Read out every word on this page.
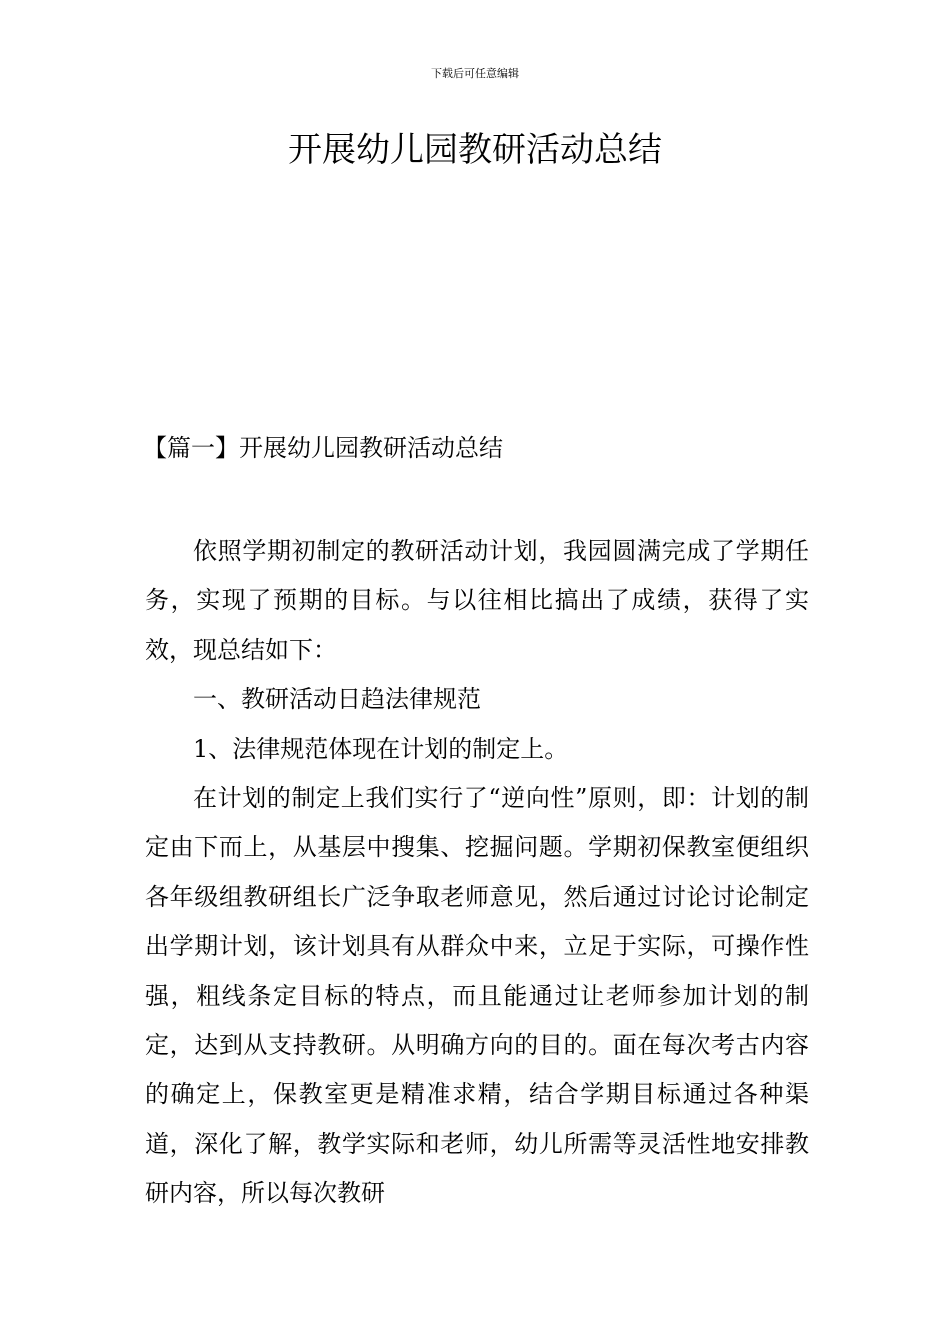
下载后可任意编辑
开展幼儿园教研活动总结
【篇一】开展幼儿园教研活动总结

依照学期初制定的教研活动计划，我园圆满完成了学期任务，实现了预期的目标。与以往相比搞出了成绩，获得了实效，现总结如下：

一、教研活动日趋法律规范

1、法律规范体现在计划的制定上。

在计划的制定上我们实行了“逆向性”原则，即：计划的制定由下而上，从基层中搜集、挖掘问题。学期初保教室便组织各年级组教研组长广泛争取老师意见，然后通过讨论讨论制定出学期计划，该计划具有从群众中来，立足于实际，可操作性强，粗线条定目标的特点，而且能通过让老师参加计划的制定，达到从支持教研。从明确方向的目的。面在每次考古内容的确定上，保教室更是精准求精，结合学期目标通过各种渠道，深化了解，教学实际和老师，幼儿所需等灵活性地安排教研内容，所以每次教研
